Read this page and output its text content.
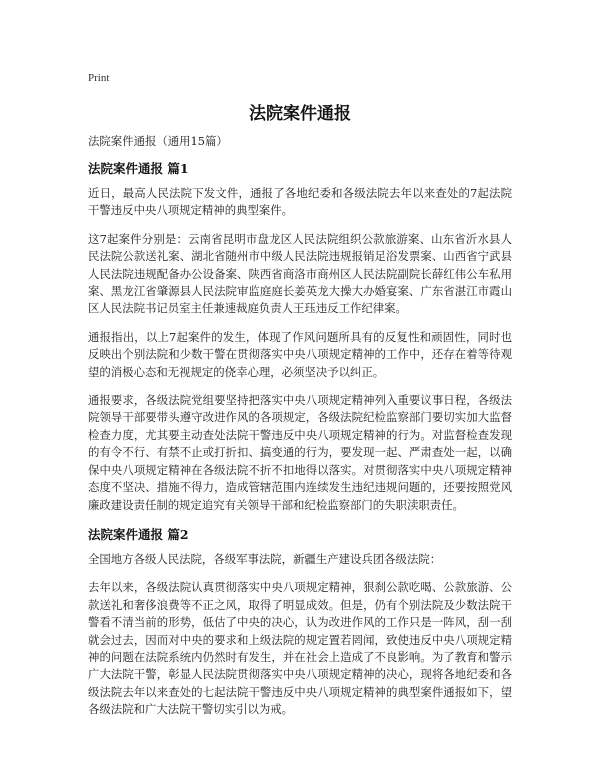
Print
法院案件通报
法院案件通报（通用15篇）
法院案件通报 篇1

近日，最高人民法院下发文件，通报了各地纪委和各级法院去年以来查处的7起法院干警违反中央八项规定精神的典型案件。

这7起案件分别是：云南省昆明市盘龙区人民法院组织公款旅游案、山东省沂水县人民法院公款送礼案、湖北省随州市中级人民法院违规报销足浴发票案、山西省宁武县人民法院违规配备办公设备案、陕西省商洛市商州区人民法院副院长薛红伟公车私用案、黑龙江省肇源县人民法院审监庭庭长姜英龙大操大办婚宴案、广东省湛江市霞山区人民法院书记员室主任兼速裁庭负责人王珏违反工作纪律案。

通报指出，以上7起案件的发生，体现了作风问题所具有的反复性和顽固性，同时也反映出个别法院和少数干警在贯彻落实中央八项规定精神的工作中，还存在着等待观望的消极心态和无视规定的侥幸心理，必须坚决予以纠正。

通报要求，各级法院党组要坚持把落实中央八项规定精神列入重要议事日程，各级法院领导干部要带头遵守改进作风的各项规定，各级法院纪检监察部门要切实加大监督检查力度，尤其要主动查处法院干警违反中央八项规定精神的行为。对监督检查发现的有令不行、有禁不止或打折扣、搞变通的行为，要发现一起、严肃查处一起，以确保中央八项规定精神在各级法院不折不扣地得以落实。对贯彻落实中央八项规定精神态度不坚决、措施不得力，造成管辖范围内连续发生违纪违规问题的，还要按照党风廉政建设责任制的规定追究有关领导干部和纪检监察部门的失职渎职责任。

法院案件通报 篇2

全国地方各级人民法院，各级军事法院，新疆生产建设兵团各级法院：

去年以来，各级法院认真贯彻落实中央八项规定精神，狠刹公款吃喝、公款旅游、公款送礼和奢侈浪费等不正之风，取得了明显成效。但是，仍有个别法院及少数法院干警看不清当前的形势，低估了中央的决心，认为改进作风的工作只是一阵风，刮一刮就会过去，因而对中央的要求和上级法院的规定置若罔闻，致使违反中央八项规定精神的问题在法院系统内仍然时有发生，并在社会上造成了不良影响。为了教育和警示广大法院干警，彰显人民法院贯彻落实中央八项规定精神的决心，现将各地纪委和各级法院去年以来查处的七起法院干警违反中央八项规定精神的典型案件通报如下，望各级法院和广大法院干警切实引以为戒。
